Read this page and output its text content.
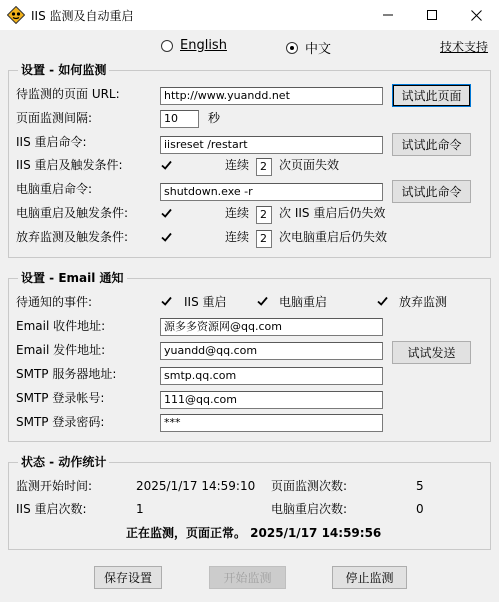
IIS 监测及自动重启
English	中文	技术支持
设置 - 如何监测
待监测的页面 URL:	http://www.yuandd.net	试试此页面
页面监测间隔:	10	秒
IIS 重启命令:	iisreset /restart	试试此命令
IIS 重启及触发条件:	连续 2	次页面失效
电脑重启命令:	shutdown.exe -r	试试此命令
电脑重启及触发条件:	连续 2	次 IIS 重启后仍失效
放弃监测及触发条件:	连续 2	次电脑重启后仍失效
设置 - Email 通知
待通知的事件:	IIS 重启	电脑重启	放弃监测
Email 收件地址:	源多多资源网@qq.com
Email 发件地址:	yuandd@qq.com	试试发送
SMTP 服务器地址:	smtp.qq.com
SMTP 登录帐号:	111@qq.com
SMTP 登录密码:	***
状态 - 动作统计
监测开始时间:	2025/1/17 14:59:10 页面监测次数:	5
IIS 重启次数:	1	电脑重启次数:	0
正在监测，页面正常。 2025/1/17 14:59:56
保存设置	开始监测	停止监测
